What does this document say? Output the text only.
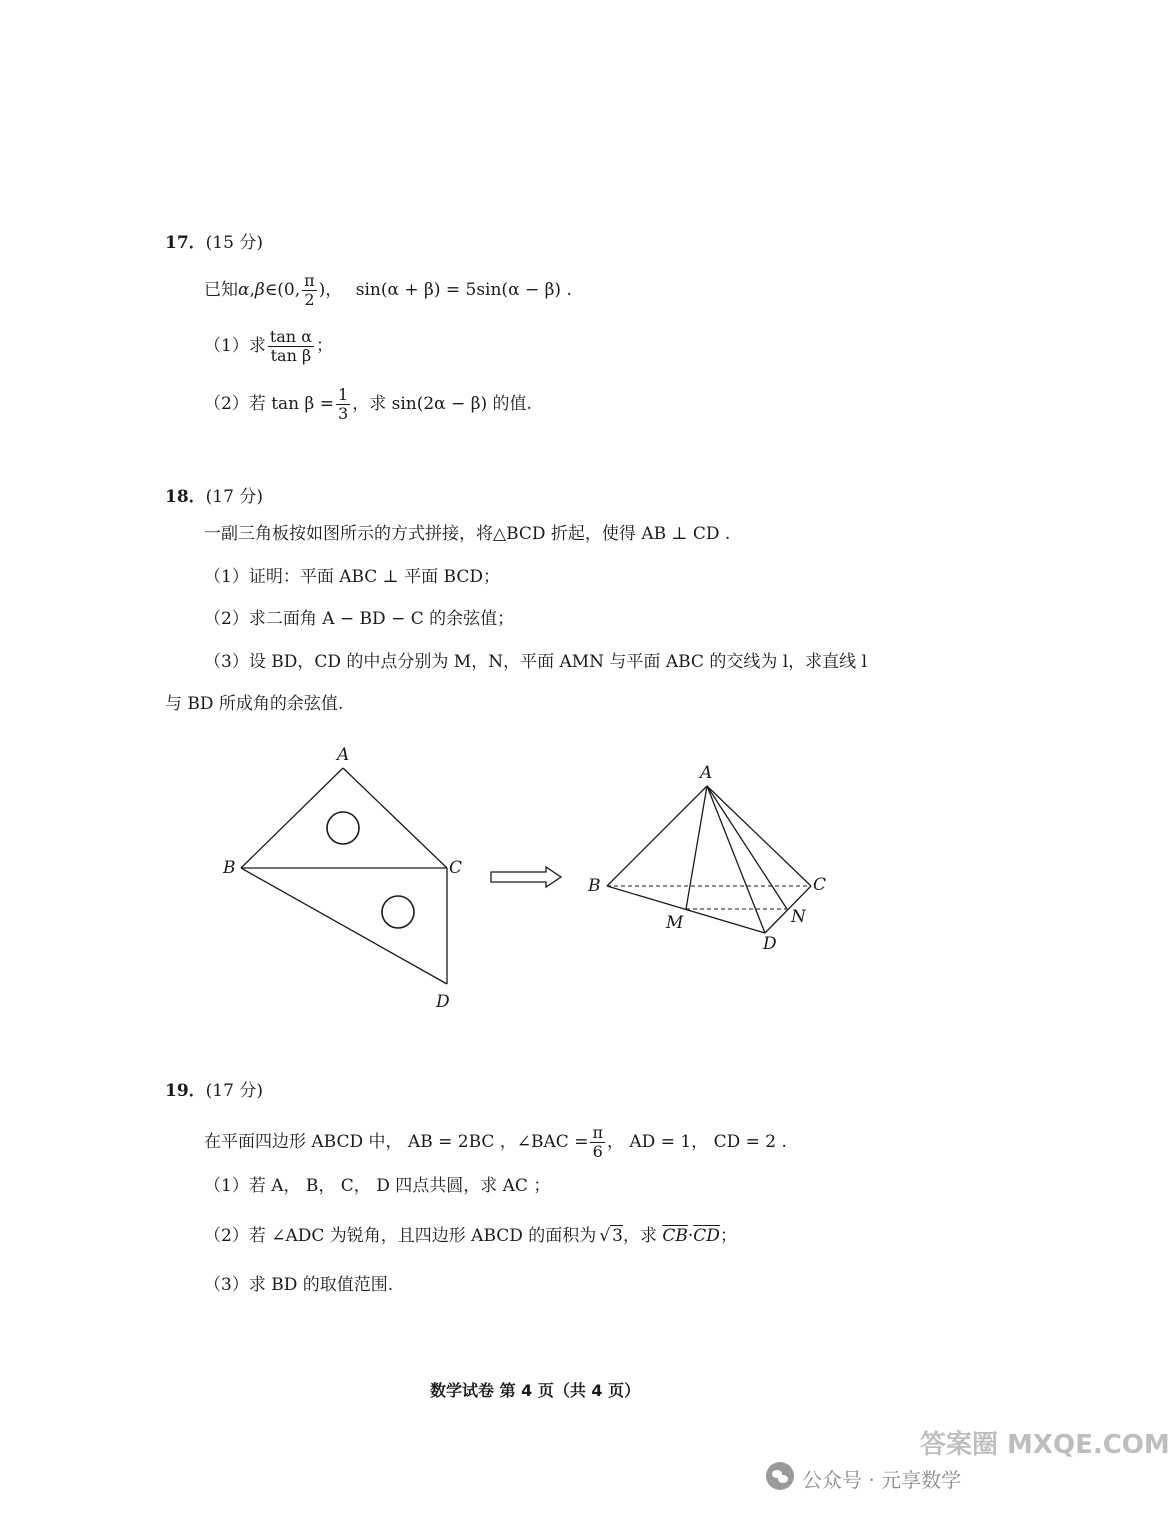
17．(15 分)
已知α,β∈(0, $\frac{\pi}{2}$ )， sin(α + β) = 5sin(α − β) .
（1）求 $\frac{\text{tan α}}{\text{tan β}}$ ；
（2）若 $\tan \beta = \frac{1}{3}$ ，求 sin(2α − β) 的值.
18．(17 分)
一副三角板按如图所示的方式拼接，将△BCD 折起，使得 AB ⊥ CD .
（1）证明：平面 ABC ⊥ 平面 BCD；
（2）求二面角 A − BD − C 的余弦值；
（3）设 BD，CD 的中点分别为 M，N，平面 AMN 与平面 ABC 的交线为 l，求直线 l
与 BD 所成角的余弦值.
A
B	C
D
A
B	C
D
M	N
19．(17 分)
在平面四边形 ABCD 中， AB = 2BC ，∠BAC = $\frac{\pi}{6}$ ， AD = 1， CD = 2 .
（1）若 A， B， C， D 四点共圆，求 AC ；
（2）若 ∠ADC 为锐角，且四边形 ABCD 的面积为 √ 3，求 $\overline{CB}\cdot\overline{CD}$；
（3）求 BD 的取值范围.
数学试卷 第 4 页（共 4 页）
公众号 · 元享数学
答案圈 MXQE.COM
